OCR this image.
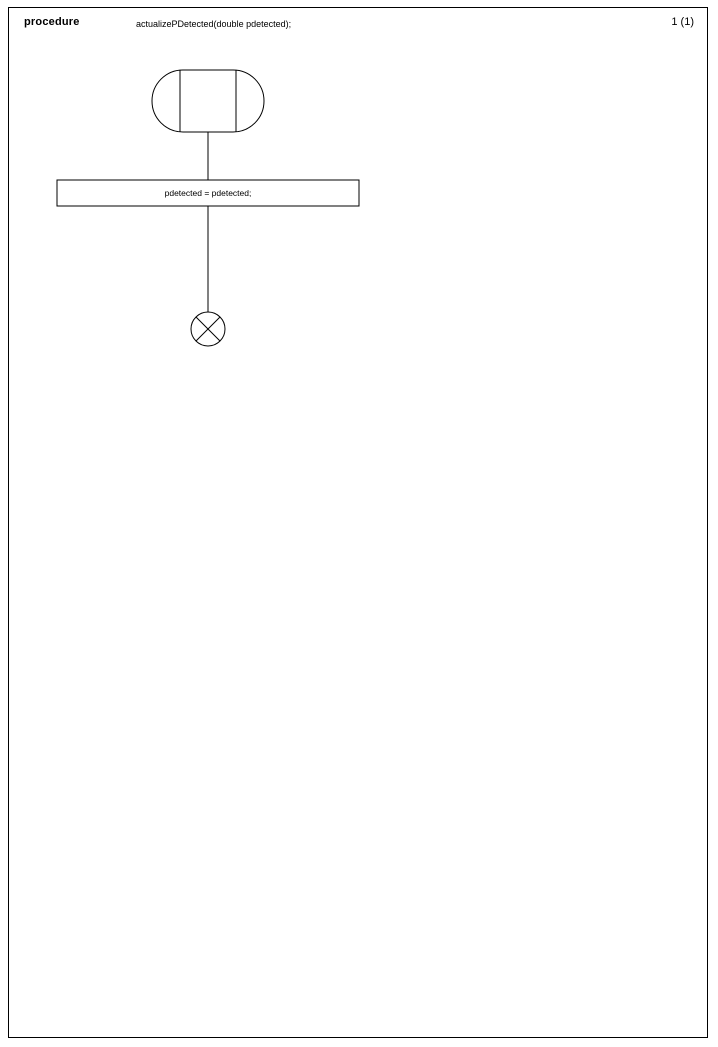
procedure	actualizePDetected(double pdetected);	1 (1)
pdetected = pdetected;
